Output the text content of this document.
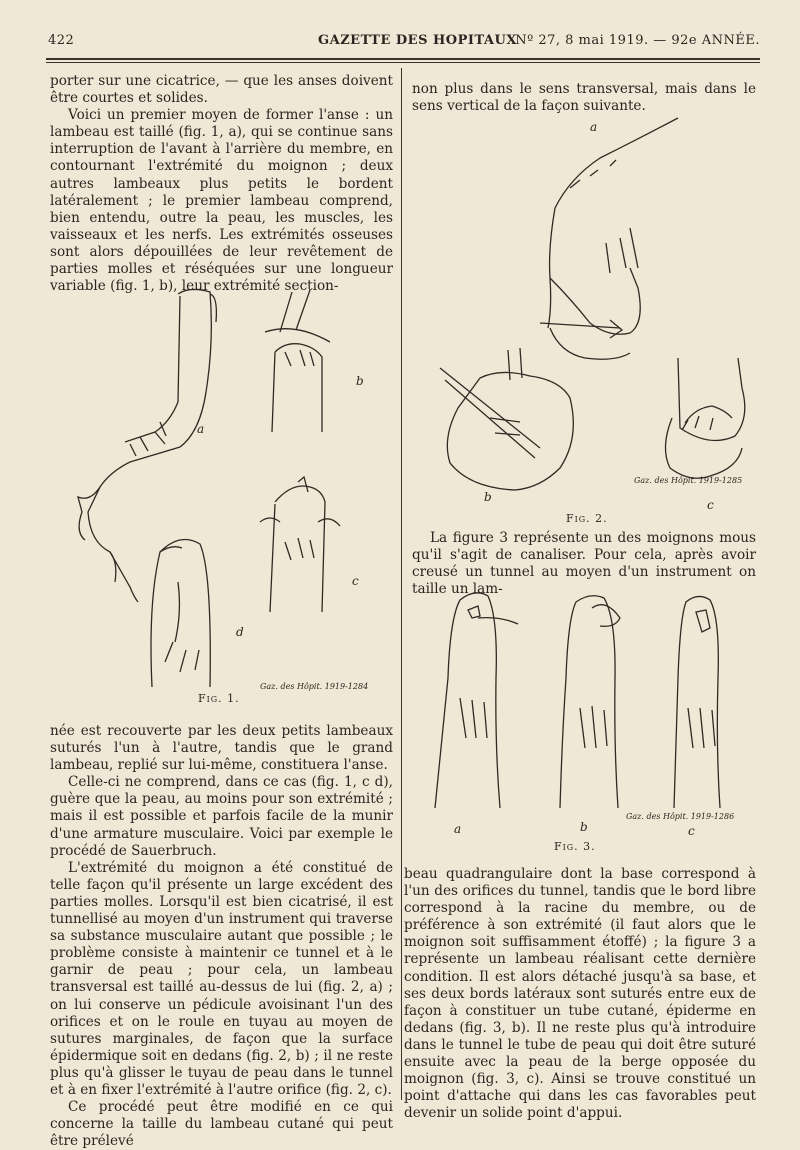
422	GAZETTE DES HOPITAUX
Nº 27, 8 mai 1919. — 92e ANNÉE.

porter sur une cicatrice, — que les anses doivent être courtes et solides.

Voici un premier moyen de former l'anse : un lambeau est taillé (fig. 1, a), qui se continue sans interruption de l'avant à l'arrière du membre, en contournant l'extrémité du moignon ; deux autres lambeaux plus petits le bordent latéralement ; le premier lambeau comprend, bien entendu, outre la peau, les muscles, les vaisseaux et les nerfs. Les extrémités osseuses sont alors dépouillées de leur revêtement de parties molles et réséquées sur une longueur variable (fig. 1, b), leur extrémité section-

a
b
c
d
Gaz. des Hôpit. 1919-1284
Fig. 1.

née est recouverte par les deux petits lambeaux suturés l'un à l'autre, tandis que le grand lambeau, replié sur lui-même, constituera l'anse.

Celle-ci ne comprend, dans ce cas (fig. 1, c d), guère que la peau, au moins pour son extrémité ; mais il est possible et parfois facile de la munir d'une armature musculaire. Voici par exemple le procédé de Sauerbruch.

L'extrémité du moignon a été constitué de telle façon qu'il présente un large excédent des parties molles. Lorsqu'il est bien cicatrisé, il est tunnellisé au moyen d'un instrument qui traverse sa substance musculaire autant que possible ; le problème consiste à maintenir ce tunnel et à le garnir de peau ; pour cela, un lambeau transversal est taillé au-dessus de lui (fig. 2, a) ; on lui conserve un pédicule avoisinant l'un des orifices et on le roule en tuyau au moyen de sutures marginales, de façon que la surface épidermique soit en dedans (fig. 2, b) ; il ne reste plus qu'à glisser le tuyau de peau dans le tunnel et à en fixer l'extrémité à l'autre orifice (fig. 2, c).

Ce procédé peut être modifié en ce qui concerne la taille du lambeau cutané qui peut être prélevé

non plus dans le sens transversal, mais dans le sens vertical de la façon suivante.

a
b
c
Gaz. des Hôpit. 1919-1285
Fig. 2.

La figure 3 représente un des moignons mous qu'il s'agit de canaliser. Pour cela, après avoir creusé un tunnel au moyen d'un instrument on taille un lam-

a	b	c
Gaz. des Hôpit. 1919-1286
Fig. 3.

beau quadrangulaire dont la base correspond à l'un des orifices du tunnel, tandis que le bord libre correspond à la racine du membre, ou de préférence à son extrémité (il faut alors que le moignon soit suffisamment étoffé) ; la figure 3 a représente un lambeau réalisant cette dernière condition. Il est alors détaché jusqu'à sa base, et ses deux bords latéraux sont suturés entre eux de façon à constituer un tube cutané, épiderme en dedans (fig. 3, b). Il ne reste plus qu'à introduire dans le tunnel le tube de peau qui doit être suturé ensuite avec la peau de la berge opposée du moignon (fig. 3, c). Ainsi se trouve constitué un point d'attache qui dans les cas favorables peut devenir un solide point d'appui.
